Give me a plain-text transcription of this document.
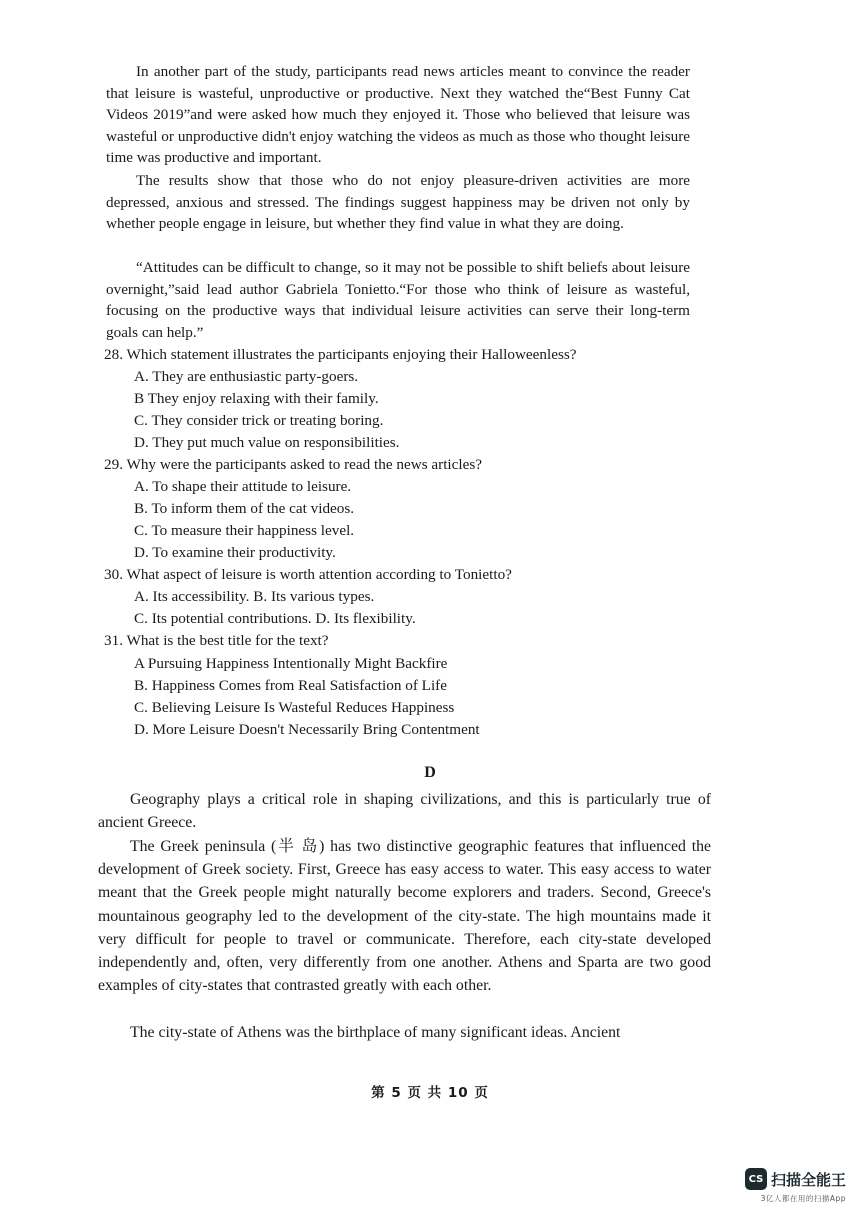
In another part of the study, participants read news articles meant to convince the reader that leisure is wasteful, unproductive or productive. Next they watched the“Best Funny Cat Videos 2019”and were asked how much they enjoyed it. Those who believed that leisure was wasteful or unproductive didn't enjoy watching the videos as much as those who thought leisure time was productive and important.

The results show that those who do not enjoy pleasure-driven activities are more depressed, anxious and stressed. The findings suggest happiness may be driven not only by whether people engage in leisure, but whether they find value in what they are doing.

“Attitudes can be difficult to change, so it may not be possible to shift beliefs about leisure overnight,”said lead author Gabriela Tonietto.“For those who think of leisure as wasteful, focusing on the productive ways that individual leisure activities can serve their long-term goals can help.”

28. Which statement illustrates the participants enjoying their Halloweenless?

A. They are enthusiastic party-goers.

B They enjoy relaxing with their family.

C. They consider trick or treating boring.

D. They put much value on responsibilities.

29. Why were the participants asked to read the news articles?

A. To shape their attitude to leisure.

B. To inform them of the cat videos.

C. To measure their happiness level.

D. To examine their productivity.

30. What aspect of leisure is worth attention according to Tonietto?

A. Its accessibility. B. Its various types.

C. Its potential contributions. D. Its flexibility.

31. What is the best title for the text?

A Pursuing Happiness Intentionally Might Backfire

B. Happiness Comes from Real Satisfaction of Life

C. Believing Leisure Is Wasteful Reduces Happiness

D. More Leisure Doesn't Necessarily Bring Contentment

D

Geography plays a critical role in shaping civilizations, and this is particularly true of ancient Greece.

The Greek peninsula (半 岛) has two distinctive geographic features that influenced the development of Greek society. First, Greece has easy access to water. This easy access to water meant that the Greek people might naturally become explorers and traders. Second, Greece's mountainous geography led to the development of the city-state. The high mountains made it very difficult for people to travel or communicate. Therefore, each city-state developed independently and, often, very differently from one another. Athens and Sparta are two good examples of city-states that contrasted greatly with each other.

The city-state of Athens was the birthplace of many significant ideas. Ancient

第 5 页 共 10 页
CS 扫描全能王
3亿人都在用的扫描App
